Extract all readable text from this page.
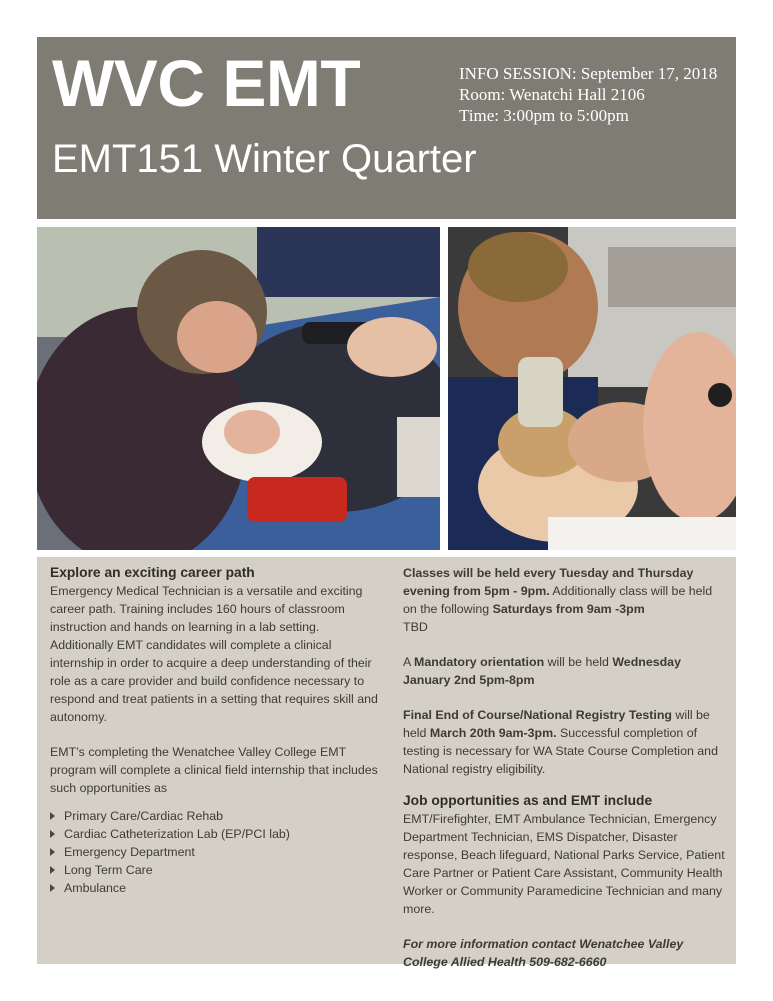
WVC EMT
EMT151 Winter Quarter
INFO SESSION: September 17, 2018
Room: Wenatchi Hall 2106
Time: 3:00pm to 5:00pm
Explore an exciting career path

Emergency Medical Technician is a versatile and exciting career path. Training includes 160 hours of classroom instruction and hands on learning in a lab setting. Additionally EMT candidates will complete a clinical internship in order to acquire a deep understanding of their role as a care provider and build confidence necessary to respond and treat patients in a setting that requires skill and autonomy.

EMT’s completing the Wenatchee Valley College EMT program will complete a clinical field internship that includes such opportunities as

Primary Care/Cardiac Rehab
Cardiac Catheterization Lab (EP/PCI lab)
Emergency Department
Long Term Care
Ambulance

Classes will be held every Tuesday and Thursday evening from 5pm - 9pm. Additionally class will be held on the following Saturdays from 9am -3pm

TBD

A Mandatory orientation will be held Wednesday January 2nd 5pm-8pm

Final End of Course/National Registry Testing will be held March 20th 9am-3pm. Successful completion of testing is necessary for WA State Course Completion and National registry eligibility.

Job opportunities as and EMT include

EMT/Firefighter, EMT Ambulance Technician, Emergency Department Technician, EMS Dispatcher, Disaster response, Beach lifeguard, National Parks Service, Patient Care Partner or Patient Care Assistant, Community Health Worker or Community Paramedicine Technician and many more.

For more information contact Wenatchee Valley College Allied Health 509-682-6660
